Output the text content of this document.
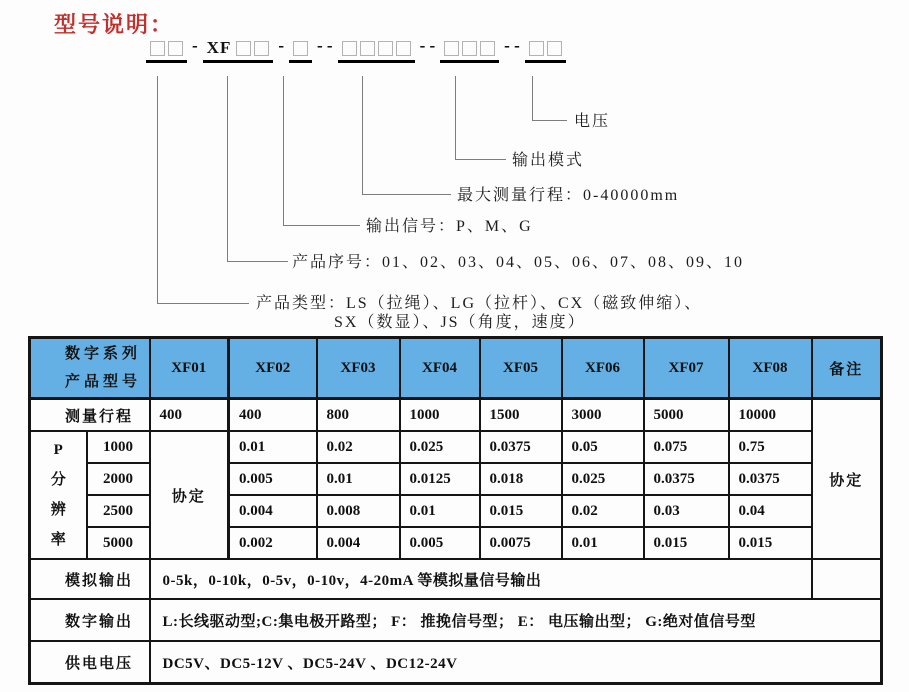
型号说明：
- XF	- - -	- -	- -
电压
输出模式
最大测量行程：0-40000mm
输出信号：P、M、G
产品序号：01、02、03、04、05、06、07、08、09、10
产品类型：LS（拉绳）、LG（拉杆）、CX（磁致伸缩）、
SX（数显）、JS（角度，速度）
数字系列
产品型号		XF01	XF02	XF03	XF04	XF05	XF06	XF07	XF08	备注
测量行程		400	400	800	1000	1500	3000	5000	10000	协定

P
分
辨
率	1000	协定	0.01	0.02	0.025	0.0375	0.05	0.075	0.75	
	2000		0.005	0.01	0.0125	0.018	0.025	0.0375	0.0375	
	2500		0.004	0.008	0.01	0.015	0.02	0.03	0.04	
	5000		0.002	0.004	0.005	0.0075	0.01	0.015	0.015	
模拟输出		0-5k，0-10k，0-5v，0-10v，4-20mA 等模拟量信号输出								
数字输出		L:长线驱动型;C:集电极开路型； F： 推挽信号型； E： 电压输出型； G:绝对值信号型								
供电电压		DC5V、DC5-12V 、DC5-24V 、DC12-24V								
